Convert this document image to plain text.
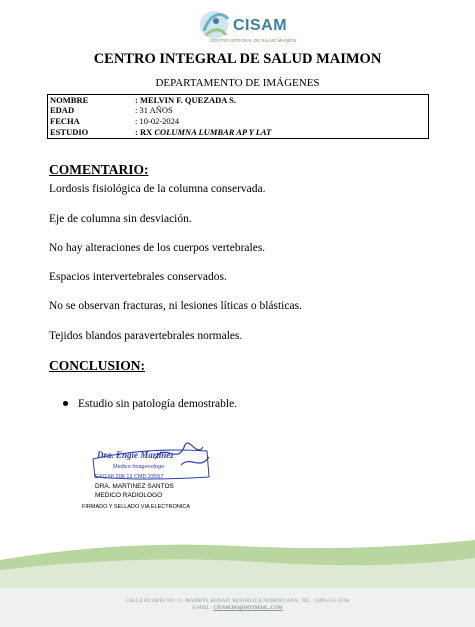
CISAM
CENTRO INTEGRAL DE SALUD MAIMON
CENTRO INTEGRAL DE SALUD MAIMON
DEPARTAMENTO DE IMÁGENES
NOMBRE	: MELVIN F. QUEZADA S.
EDAD	: 31 AÑOS
FECHA	: 10-02-2024
ESTUDIO	: RX COLUMNA LUMBAR AP Y LAT
COMENTARIO:
Lordosis fisiológica de la columna conservada.
Eje de columna sin desviación.
No hay alteraciones de los cuerpos vertebrales.
Espacios intervertebrales conservados.
No se observan fracturas, ni lesiones líticas o blásticas.
Tejidos blandos paravertebrales normales.
CONCLUSION:
Estudio sin patología demostrable.
Dra. Engie Martinez
Medico Imagenologo
EXQ Nº 206 13 CMD 23557
DRA. MARTINEZ SANTOS
MEDICO RADIOLOGO
FIRMADO Y SELLADO VIA ELECTRONICA
CALLE DUARTE NO. 11, MAIMÓN, BONAO, REPUBLICA DOMINICANA, TEL.: (809)-551-2106
E-MAIL : CISAM.DO@HOTMAIL .COM
